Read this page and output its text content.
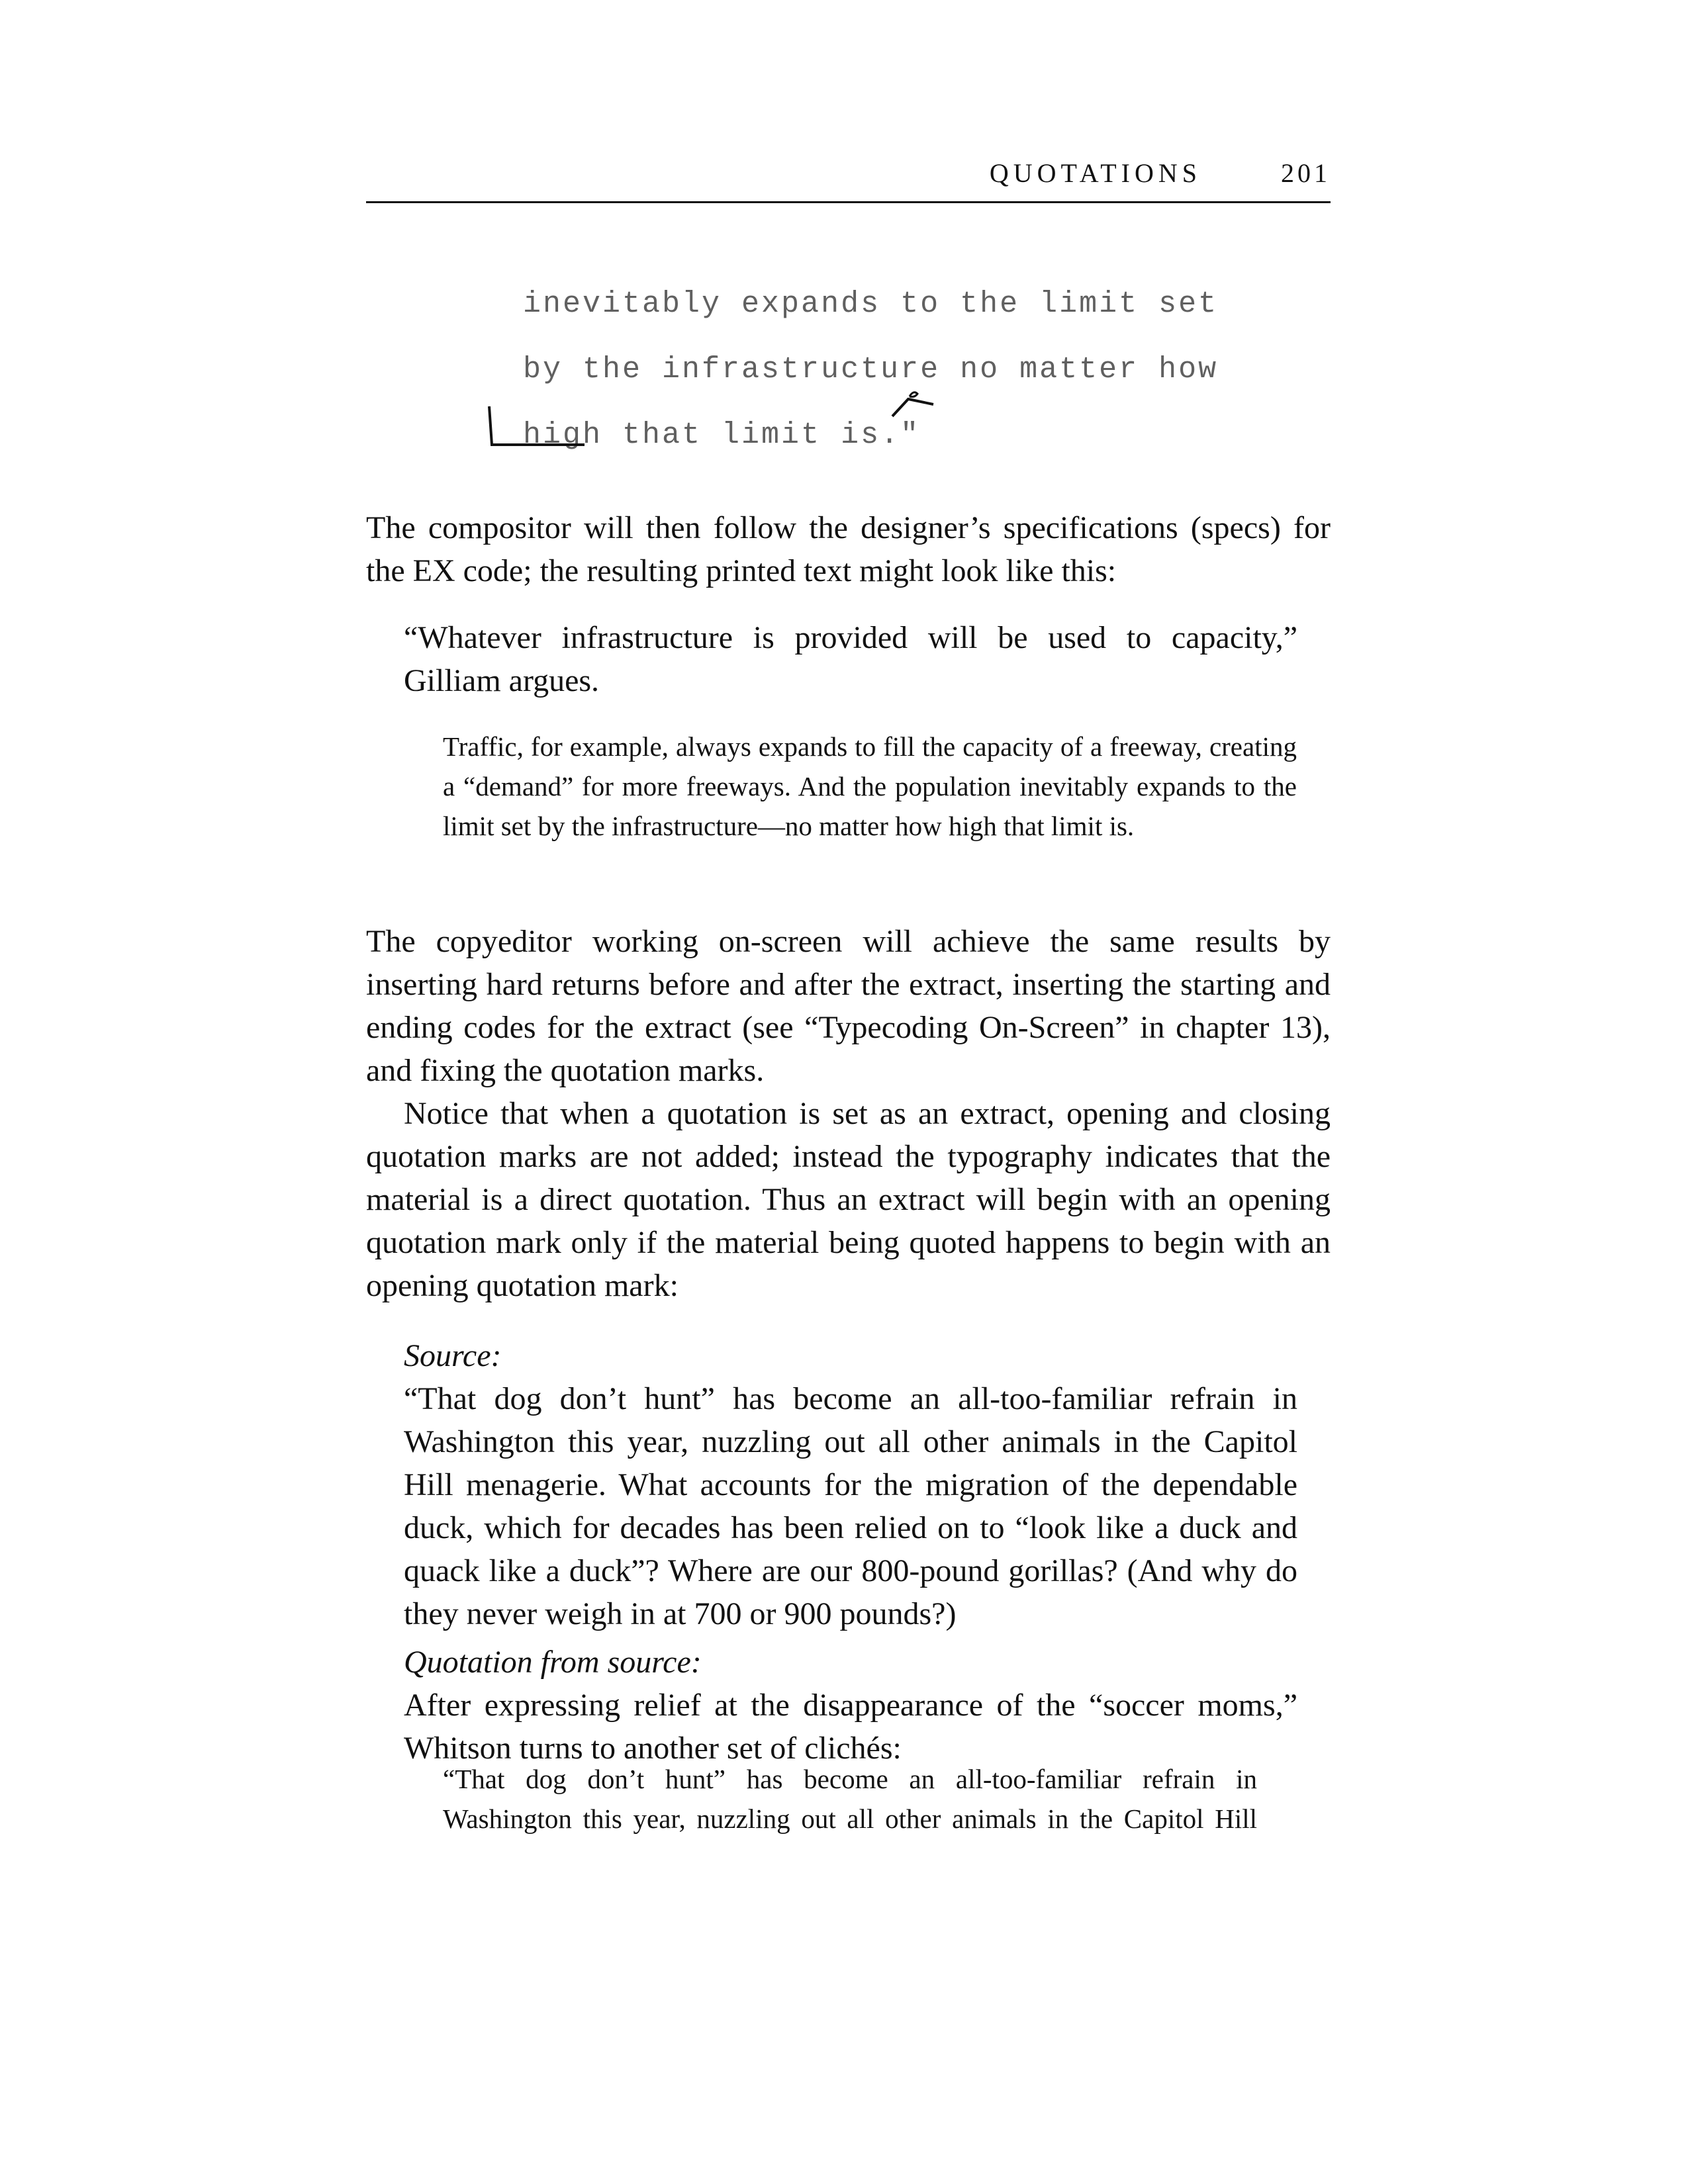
QUOTATIONS	201
inevitably expands to the limit set
by the infrastructure no matter how
high that limit is."

The compositor will then follow the designer’s specifications (specs) for the EX code; the resulting printed text might look like this:

“Whatever infrastructure is provided will be used to capacity,” Gilliam argues.

Traffic, for example, always expands to fill the capacity of a freeway, creating a “demand” for more freeways. And the population inevitably expands to the limit set by the infrastructure—no matter how high that limit is.

The copyeditor working on-screen will achieve the same results by inserting hard returns before and after the extract, inserting the starting and ending codes for the extract (see “Typecoding On-Screen” in chapter 13), and fixing the quotation marks.

Notice that when a quotation is set as an extract, opening and closing quotation marks are not added; instead the typography indicates that the material is a direct quotation. Thus an extract will begin with an opening quotation mark only if the material being quoted happens to begin with an opening quotation mark:

Source:

“That dog don’t hunt” has become an all-too-familiar refrain in Washington this year, nuzzling out all other animals in the Capitol Hill menagerie. What accounts for the migration of the dependable duck, which for decades has been relied on to “look like a duck and quack like a duck”? Where are our 800-pound gorillas? (And why do they never weigh in at 700 or 900 pounds?)

Quotation from source:

After expressing relief at the disappearance of the “soccer moms,” Whitson turns to another set of clichés:

“That dog don’t hunt” has become an all-too-familiar refrain in Washington this year, nuzzling out all other animals in the Capitol Hill
